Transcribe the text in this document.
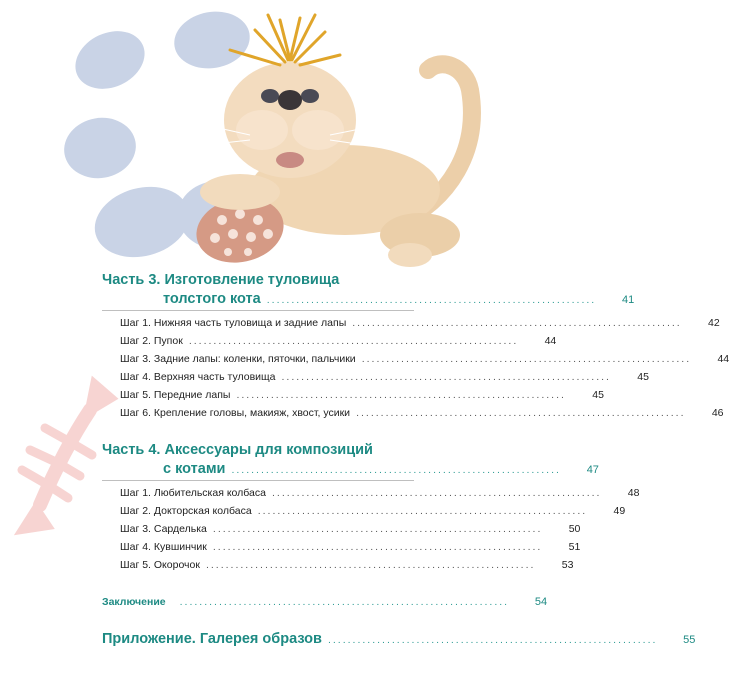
Часть 3. Изготовление туловища
толстого кота ...................................................................	41
Шаг 1. Нижняя часть туловища и задние лапы ...................................................................	42
Шаг 2. Пупок ...................................................................	44
Шаг 3. Задние лапы: коленки, пяточки, пальчики ...................................................................	44
Шаг 4. Верхняя часть туловища ...................................................................	45
Шаг 5. Передние лапы ...................................................................	45
Шаг 6. Крепление головы, макияж, хвост, усики ...................................................................	46
Часть 4. Аксессуары для композиций
с котами ...................................................................	47
Шаг 1. Любительская колбаса ...................................................................	48
Шаг 2. Докторская колбаса ...................................................................	49
Шаг 3. Сарделька ...................................................................	50
Шаг 4. Кувшинчик ...................................................................	51
Шаг 5. Окорочок ...................................................................	53
Заключение ...................................................................	54
Приложение. Галерея образов ...................................................................	55
